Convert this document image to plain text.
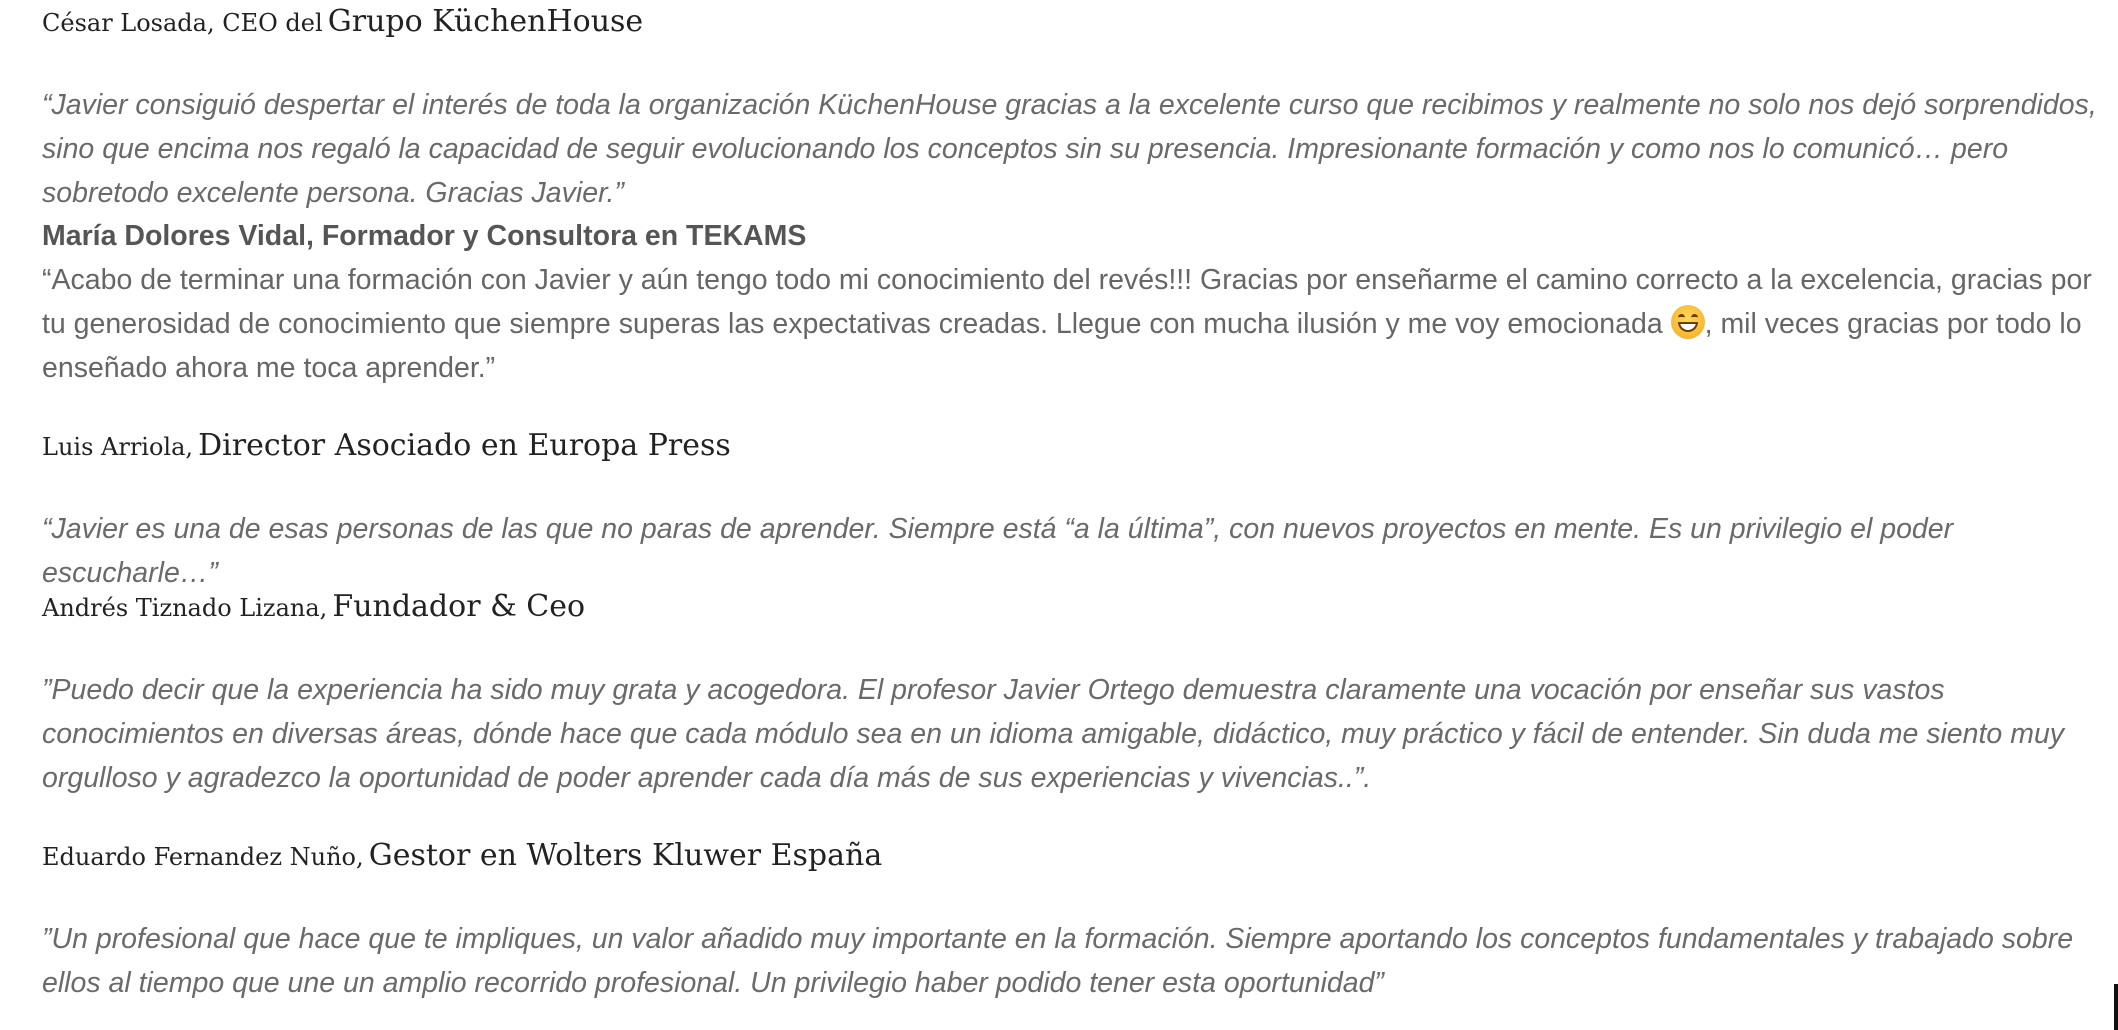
César Losada, CEO del Grupo KüchenHouse

“Javier consiguió despertar el interés de toda la organización KüchenHouse gracias a la excelente curso que recibimos y realmente no solo nos dejó sorprendidos, sino que encima nos regaló la capacidad de seguir evolucionando los conceptos sin su presencia. Impresionante formación y como nos lo comunicó… pero sobretodo excelente persona. Gracias Javier.”

María Dolores Vidal, Formador y Consultora en TEKAMS

“Acabo de terminar una formación con Javier y aún tengo todo mi conocimiento del revés!!! Gracias por enseñarme el camino correcto a la excelencia, gracias por tu generosidad de conocimiento que siempre superas las expectativas creadas. Llegue con mucha ilusión y me voy emocionada
, mil veces gracias por todo lo enseñado ahora me toca aprender.”

Luis Arriola, Director Asociado en Europa Press

“Javier es una de esas personas de las que no paras de aprender. Siempre está “a la última”, con nuevos proyectos en mente. Es un privilegio el poder escucharle…”

Andrés Tiznado Lizana, Fundador & Ceo

”Puedo decir que la experiencia ha sido muy grata y acogedora. El profesor Javier Ortego demuestra claramente una vocación por enseñar sus vastos conocimientos en diversas áreas, dónde hace que cada módulo sea en un idioma amigable, didáctico, muy práctico y fácil de entender. Sin duda me siento muy orgulloso y agradezco la oportunidad de poder aprender cada día más de sus experiencias y vivencias..”.

Eduardo Fernandez Nuño, Gestor en Wolters Kluwer España

”Un profesional que hace que te impliques, un valor añadido muy importante en la formación. Siempre aportando los conceptos fundamentales y trabajado sobre ellos al tiempo que une un amplio recorrido profesional. Un privilegio haber podido tener esta oportunidad”
